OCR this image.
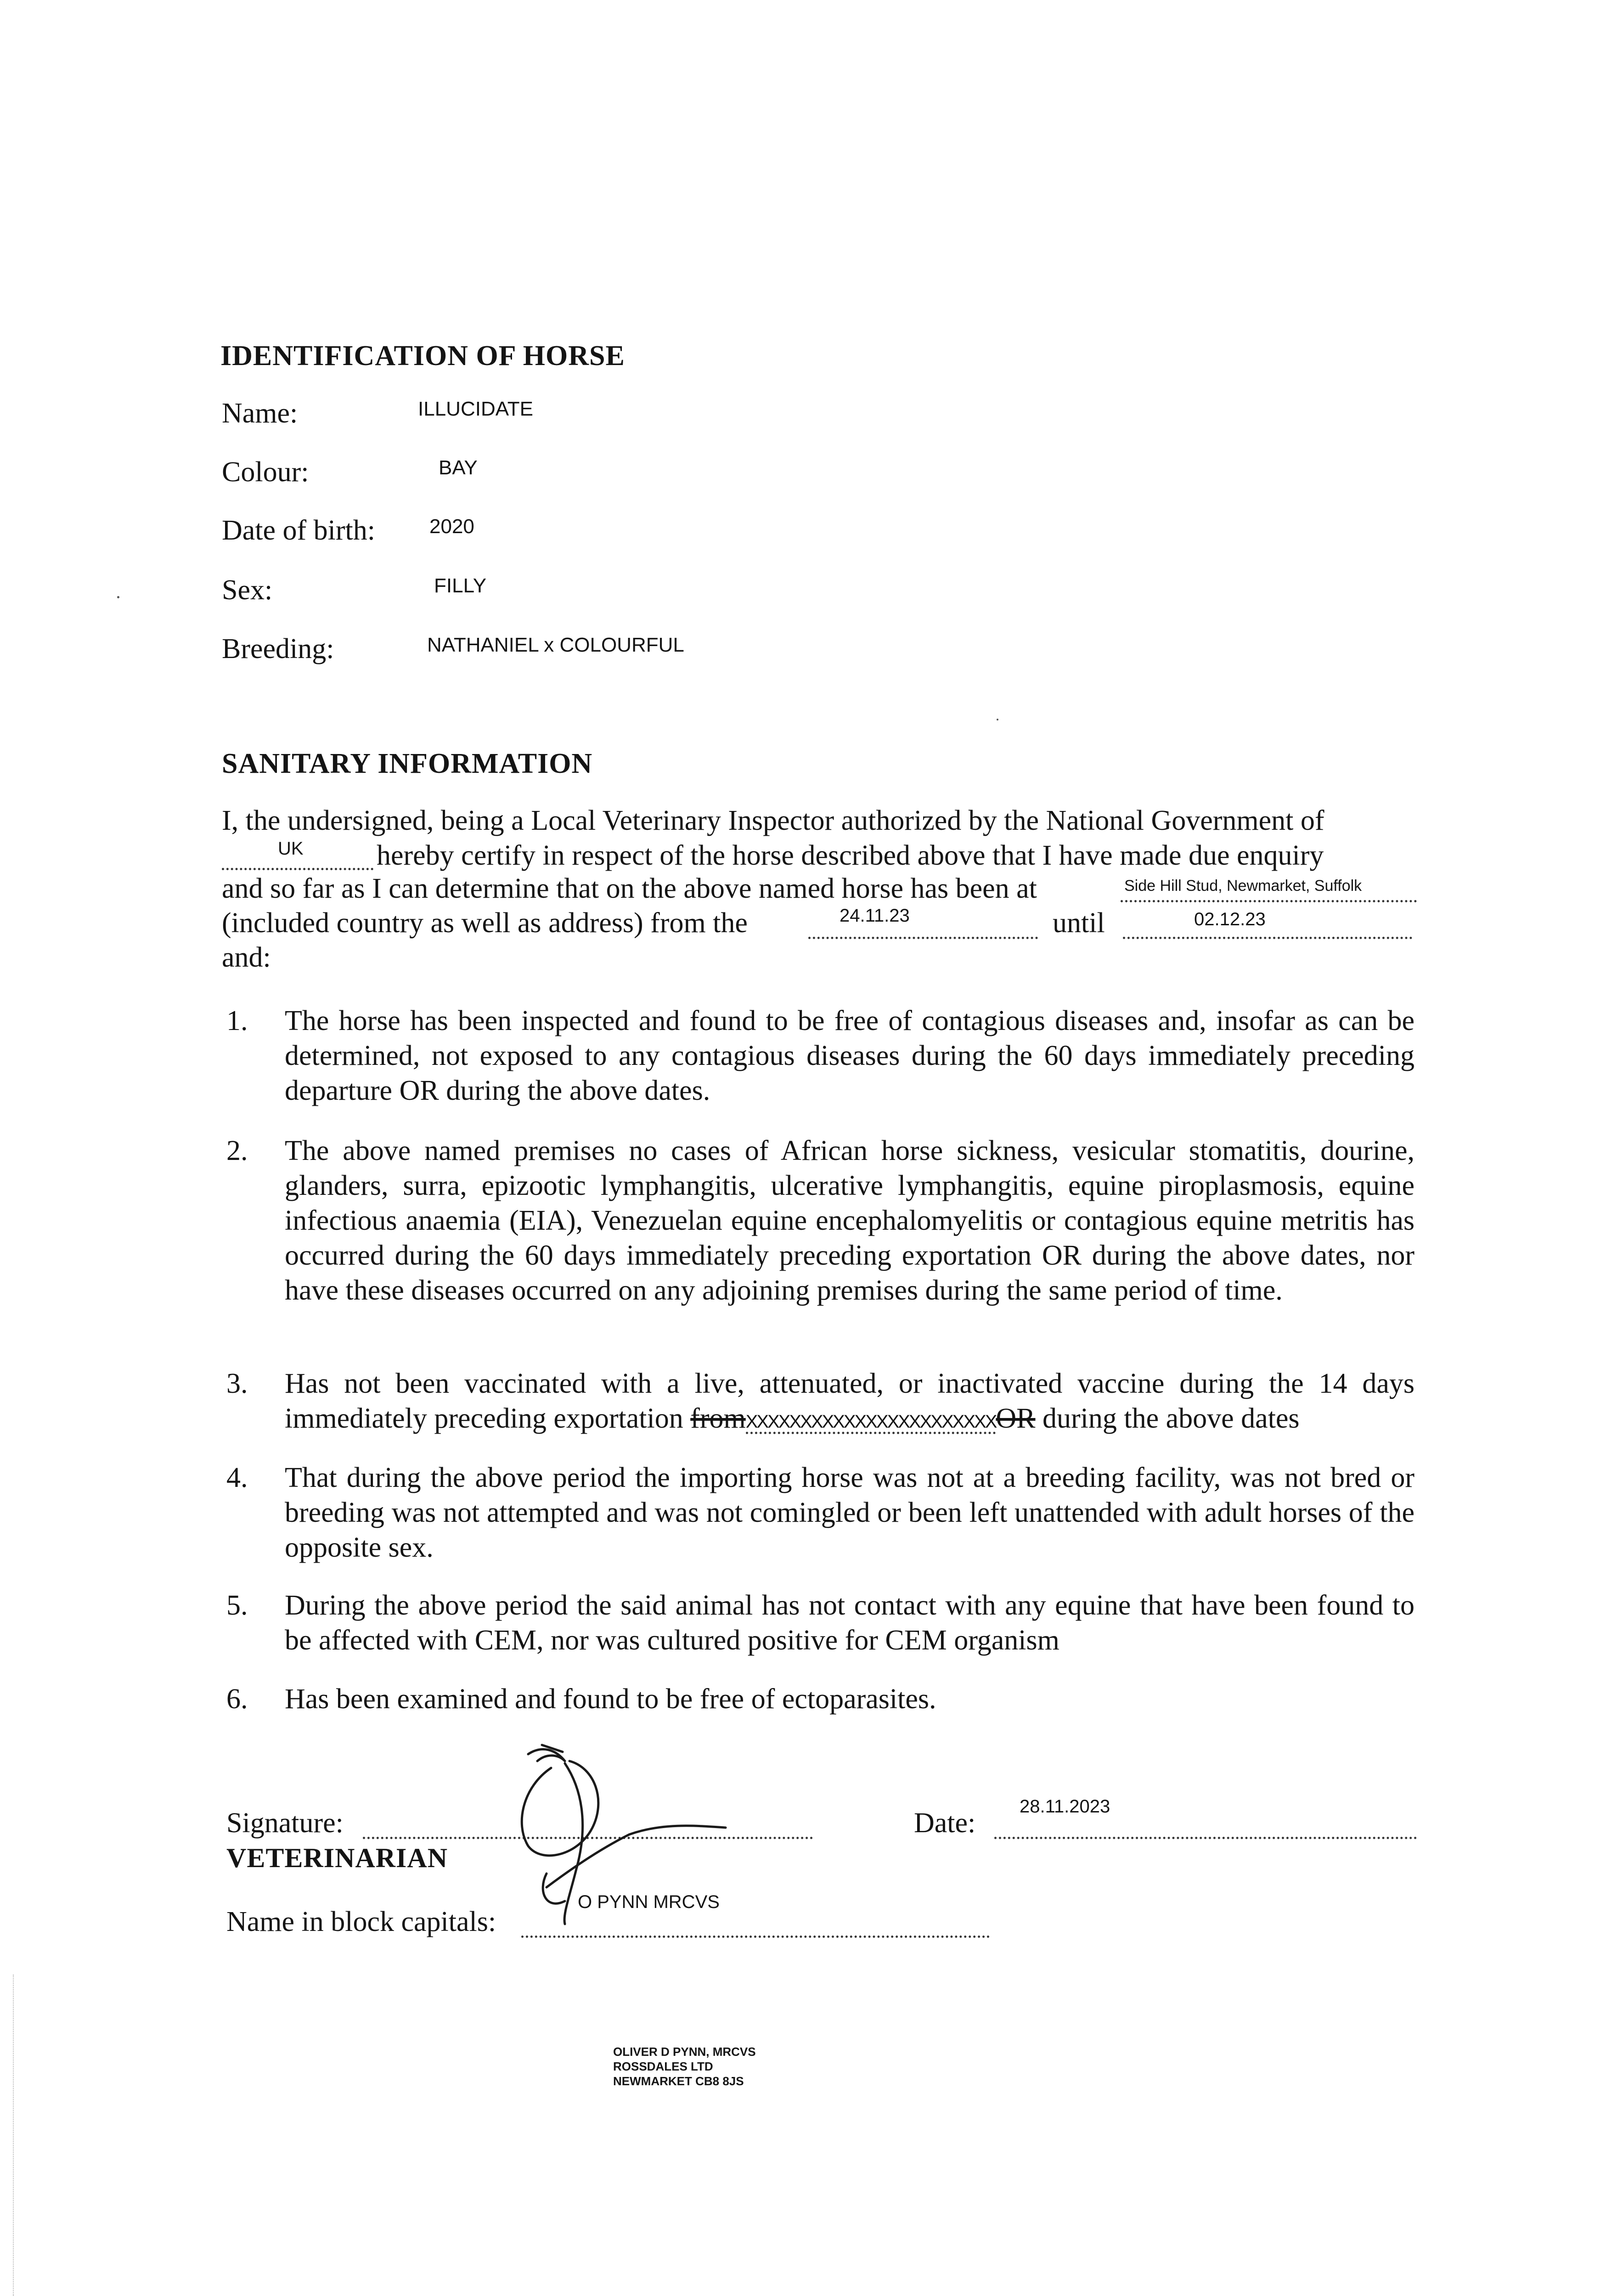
IDENTIFICATION OF HORSE
Name:	ILLUCIDATE
Colour:	BAY
Date of birth:	2020
Sex:	FILLY
Breeding:	NATHANIEL x COLOURFUL
SANITARY INFORMATION
I, the undersigned, being a Local Veterinary Inspector authorized by the National Government of
UK	hereby certify in respect of the horse described above that I have made due enquiry
and so far as I can determine that on the above named horse has been at	Side Hill Stud, Newmarket, Suffolk
(included country as well as address) from the	24.11.23	until	02.12.23
and:
1. The horse has been inspected and found to be free of contagious diseases and, insofar as can be determined, not exposed to any contagious diseases during the 60 days immediately preceding departure OR during the above dates.
2. The above named premises no cases of African horse sickness, vesicular stomatitis, dourine, glanders, surra, epizootic lymphangitis, ulcerative lymphangitis, equine piroplasmosis, equine infectious anaemia (EIA), Venezuelan equine encephalomyelitis or contagious equine metritis has occurred during the 60 days immediately preceding exportation OR during the above dates, nor have these diseases occurred on any adjoining premises during the same period of time.
3. Has not been vaccinated with a live, attenuated, or inactivated vaccine during the 14 days immediately preceding exportation fromXXXXXXXXXXXXXXXXXXXXXXXOR during the above dates
4. That during the above period the importing horse was not at a breeding facility, was not bred or breeding was not attempted and was not comingled or been left unattended with adult horses of the opposite sex.
5. During the above period the said animal has not contact with any equine that have been found to be affected with CEM, nor was cultured positive for CEM organism
6. Has been examined and found to be free of ectoparasites.
Signature:
VETERINARIAN
Date:
28.11.2023
Name in block capitals:
O PYNN MRCVS
OLIVER D PYNN, MRCVS
ROSSDALES LTD
NEWMARKET CB8 8JS
